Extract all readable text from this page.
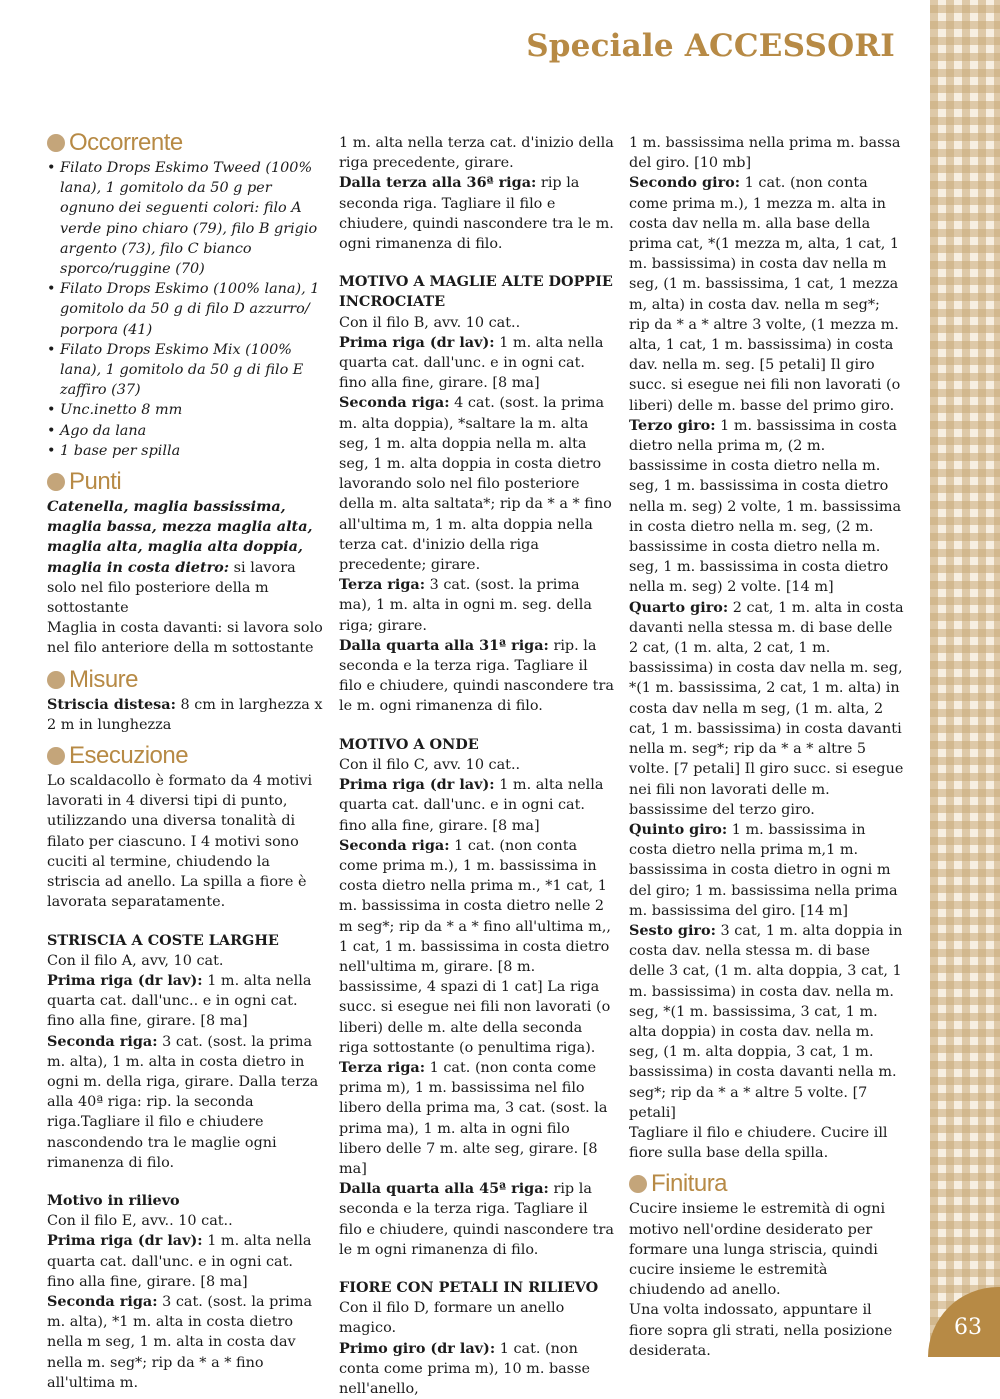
Speciale ACCESSORI
Occorrente
• Filato Drops Eskimo Tweed (100% lana), 1 gomitolo da 50 g per ognuno dei seguenti colori: filo A verde pino chiaro (79), filo B grigio argento (73), filo C bianco sporco/ruggine (70)
• Filato Drops Eskimo (100% lana), 1 gomitolo da 50 g di filo D azzurro/ porpora (41)
• Filato Drops Eskimo Mix (100% lana), 1 gomitolo da 50 g di filo E zaffiro (37)
• Unc.inetto 8 mm
• Ago da lana
• 1 base per spilla
Punti

Catenella, maglia bassissima, maglia bassa, mezza maglia alta, maglia alta, maglia alta doppia, maglia in costa dietro: si lavora solo nel filo posteriore della m sottostante

Maglia in costa davanti: si lavora solo nel filo anteriore della m sottostante

Misure

Striscia distesa: 8 cm in larghezza x 2 m in lunghezza

Esecuzione

Lo scaldacollo è formato da 4 motivi lavorati in 4 diversi tipi di punto, utilizzando una diversa tonalità di filato per ciascuno. I 4 motivi sono cuciti al termine, chiudendo la striscia ad anello. La spilla a fiore è lavorata separatamente.

STRISCIA A COSTE LARGHE

Con il filo A, avv, 10 cat.

Prima riga (dr lav): 1 m. alta nella quarta cat. dall'unc.. e in ogni cat. fino alla fine, girare. [8 ma]

Seconda riga: 3 cat. (sost. la prima m. alta), 1 m. alta in costa dietro in ogni m. della riga, girare. Dalla terza alla 40ª riga: rip. la seconda riga.Tagliare il filo e chiudere nascondendo tra le maglie ogni rimanenza di filo.

Motivo in rilievo

Con il filo E, avv.. 10 cat..

Prima riga (dr lav): 1 m. alta nella quarta cat. dall'unc. e in ogni cat. fino alla fine, girare. [8 ma]

Seconda riga: 3 cat. (sost. la prima m. alta), *1 m. alta in costa dietro nella m seg, 1 m. alta in costa dav nella m. seg*; rip da * a * fino all'ultima m.

1 m. alta nella terza cat. d'inizio della riga precedente, girare.

Dalla terza alla 36ª riga: rip la seconda riga. Tagliare il filo e chiudere, quindi nascondere tra le m. ogni rimanenza di filo.

MOTIVO A MAGLIE ALTE DOPPIE INCROCIATE

Con il filo B, avv. 10 cat..

Prima riga (dr lav): 1 m. alta nella quarta cat. dall'unc. e in ogni cat. fino alla fine, girare. [8 ma]

Seconda riga: 4 cat. (sost. la prima m. alta doppia), *saltare la m. alta seg, 1 m. alta doppia nella m. alta seg, 1 m. alta doppia in costa dietro lavorando solo nel filo posteriore della m. alta saltata*; rip da * a * fino all'ultima m, 1 m. alta doppia nella terza cat. d'inizio della riga precedente; girare.

Terza riga: 3 cat. (sost. la prima ma), 1 m. alta in ogni m. seg. della riga; girare.

Dalla quarta alla 31ª riga: rip. la seconda e la terza riga. Tagliare il filo e chiudere, quindi nascondere tra le m. ogni rimanenza di filo.

MOTIVO A ONDE

Con il filo C, avv. 10 cat..

Prima riga (dr lav): 1 m. alta nella quarta cat. dall'unc. e in ogni cat. fino alla fine, girare. [8 ma]

Seconda riga: 1 cat. (non conta come prima m.), 1 m. bassissima in costa dietro nella prima m., *1 cat, 1 m. bassissima in costa dietro nelle 2 m seg*; rip da * a * fino all'ultima m,, 1 cat, 1 m. bassissima in costa dietro nell'ultima m, girare. [8 m. bassissime, 4 spazi di 1 cat] La riga succ. si esegue nei fili non lavorati (o liberi) delle m. alte della seconda riga sottostante (o penultima riga).

Terza riga: 1 cat. (non conta come prima m), 1 m. bassissima nel filo libero della prima ma, 3 cat. (sost. la prima ma), 1 m. alta in ogni filo libero delle 7 m. alte seg, girare. [8 ma]

Dalla quarta alla 45ª riga: rip la seconda e la terza riga. Tagliare il filo e chiudere, quindi nascondere tra le m ogni rimanenza di filo.

FIORE CON PETALI IN RILIEVO

Con il filo D, formare un anello magico.

Primo giro (dr lav): 1 cat. (non conta come prima m), 10 m. basse nell'anello,

1 m. bassissima nella prima m. bassa del giro. [10 mb]

Secondo giro: 1 cat. (non conta come prima m.), 1 mezza m. alta in costa dav nella m. alla base della prima cat, *(1 mezza m, alta, 1 cat, 1 m. bassissima) in costa dav nella m seg, (1 m. bassissima, 1 cat, 1 mezza m, alta) in costa dav. nella m seg*; rip da * a * altre 3 volte, (1 mezza m. alta, 1 cat, 1 m. bassissima) in costa dav. nella m. seg. [5 petali] Il giro succ. si esegue nei fili non lavorati (o liberi) delle m. basse del primo giro.

Terzo giro: 1 m. bassissima in costa dietro nella prima m, (2 m. bassissime in costa dietro nella m. seg, 1 m. bassissima in costa dietro nella m. seg) 2 volte, 1 m. bassissima in costa dietro nella m. seg, (2 m. bassissime in costa dietro nella m. seg, 1 m. bassissima in costa dietro nella m. seg) 2 volte. [14 m]

Quarto giro: 2 cat, 1 m. alta in costa davanti nella stessa m. di base delle 2 cat, (1 m. alta, 2 cat, 1 m. bassissima) in costa dav nella m. seg, *(1 m. bassissima, 2 cat, 1 m. alta) in costa dav nella m seg, (1 m. alta, 2 cat, 1 m. bassissima) in costa davanti nella m. seg*; rip da * a * altre 5 volte. [7 petali] Il giro succ. si esegue nei fili non lavorati delle m. bassissime del terzo giro.

Quinto giro: 1 m. bassissima in costa dietro nella prima m,1 m. bassissima in costa dietro in ogni m del giro; 1 m. bassissima nella prima m. bassissima del giro. [14 m]

Sesto giro: 3 cat, 1 m. alta doppia in costa dav. nella stessa m. di base delle 3 cat, (1 m. alta doppia, 3 cat, 1 m. bassissima) in costa dav. nella m. seg, *(1 m. bassissima, 3 cat, 1 m. alta doppia) in costa dav. nella m. seg, (1 m. alta doppia, 3 cat, 1 m. bassissima) in costa davanti nella m. seg*; rip da * a * altre 5 volte. [7 petali]

Tagliare il filo e chiudere. Cucire ill fiore sulla base della spilla.

Finitura

Cucire insieme le estremità di ogni motivo nell'ordine desiderato per formare una lunga striscia, quindi cucire insieme le estremità chiudendo ad anello.

Una volta indossato, appuntare il fiore sopra gli strati, nella posizione desiderata.

63
